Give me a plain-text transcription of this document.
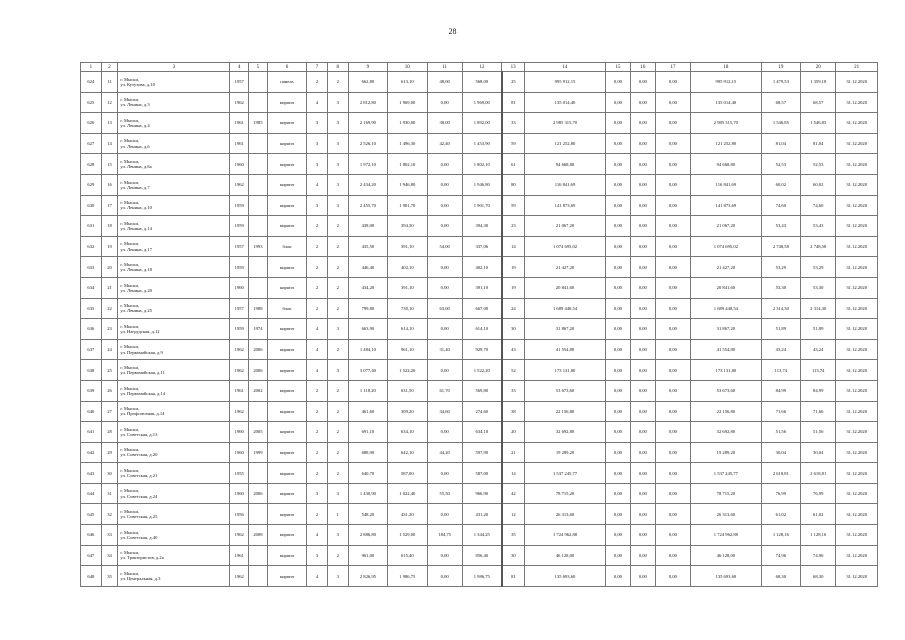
28
1	2	3	4	5	6	7	8	9	10	11	12	13	14	15	16	17	18	19	20	21
624	11	г. Мыски,
ул. Кутузова, д.10	1957		панель	2	2	662,80	613,10	48,00	568,00	25	995 912,15	0,00	0,00	0,00	995 912,15	1 479,53	1 359,18	31.12.2020
625	12	г. Мыски,
ул. Ленина, д.3	1962		кирпич	4	3	2 812,80	1 969,00	0,00	1 969,00	81	135 014,40	0,00	0,00	0,00	135 014,40	68,57	68,57	31.12.2020
626	13	г. Мыски,
ул. Ленина, д.4	1961	1985	кирпич	3	3	2 169,90	1 930,00	38,00	1 892,00	33	2 985 315,70	0,00	0,00	0,00	2 985 315,70	1 546,85	1 546,85	31.12.2020
627	14	г. Мыски,
ул. Ленина, д.6	1961		кирпич	3	3	2 526,10	1 496,30	42,40	1 453,90	59	121 252,80	0,00	0,00	0,00	121 252,80	81,04	81,04	31.12.2020
628	15	г. Мыски,
ул. Ленина, д.6а	1960		кирпич	3	3	1 972,10	1 802,10	0,00	1 802,10	61	94 668,80	0,00	0,00	0,00	94 668,80	52,53	52,53	31.12.2020
629	16	г. Мыски,
ул. Ленина, д.7	1962		кирпич	4	3	2 434,20	1 946,80	0,00	1 946,80	80	116 841,69	0,00	0,00	0,00	116 841,69	60,02	60,02	31.12.2020
630	17	г. Мыски,
ул. Ленина, д.10	1959		кирпич	3	3	2 455,70	1 901,70	0,00	1 901,70	59	141 873,69	0,00	0,00	0,00	141 873,69	74,60	74,60	31.12.2020
631	18	г. Мыски,
ул. Ленина, д.14	1959		кирпич	2	2	438,00	394,30	0,00	394,30	23	21 067,20	0,00	0,00	0,00	21 067,20	53,43	53,43	31.12.2020
632	19	г. Мыски,
ул. Ленина, д.17	1957	1993	блок	2	2	435,50	391,10	54,00	337,06	14	1 074 695,02	0,00	0,00	0,00	1 074 695,02	2 748,58	2 748,58	31.12.2020
633	20	г. Мыски,
ул. Ленина, д.18	1959		кирпич	2	2	446,40	402,10	0,00	402,10	19	21 427,20	0,00	0,00	0,00	21 427,20	53,29	53,29	31.12.2020
634	21	г. Мыски,
ул. Ленина, д.20	1960		кирпич	2	2	434,20	391,10	0,00	391,10	19	20 841,60	0,00	0,00	0,00	20 841,60	53,30	53,30	31.12.2020
635	22	г. Мыски,
ул. Ленина, д.25	1957	1988	блок	2	2	799,80	730,10	63,00	667,00	24	1 689 440,54	0,00	0,00	0,00	1 689 440,54	2 314,30	2 314,30	31.12.2020
636	23	г. Мыски,
ул. Нагрудская, д.12	1959	1974	кирпич	4	3	663,90	614,10	0,00	614,10	30	31 867,20	0,00	0,00	0,00	31 867,20	51,89	51,89	31.12.2020
637	24	г. Мыски,
ул. Первомайская, д.9	1962	2006	кирпич	4	2	1 484,10	961,10	31,40	929,70	43	41 554,80	0,00	0,00	0,00	41 554,80	43,24	43,24	31.12.2020
638	25	г. Мыски,
ул. Первомайская, д.11	1962	2006	кирпич	4	3	3 077,40	1 522,20	0,00	1 522,20	52	173 131,80	0,00	0,00	0,00	173 131,80	113,74	113,74	31.12.2020
639	26	г. Мыски,
ул. Первомайская, д.14	1961	2002	кирпич	2	2	1 118,20	631,50	61,70	569,80	33	53 673,60	0,00	0,00	0,00	53 673,60	84,99	84,99	31.12.2020
640	27	г. Мыски,
ул. Профсоюзная, д.14	1962		кирпич	2	2	461,60	309,20	34,60	274,60	38	22 156,80	0,00	0,00	0,00	22 156,80	71,66	71,66	31.12.2020
641	28	г. Мыски,
ул. Советская, д.13	1960	2005	кирпич	2	2	691,10	634,10	0,00	634,10	20	32 692,80	0,00	0,00	0,00	32 692,80	51,56	51,56	31.12.2020
642	29	г. Мыски,
ул. Советская, д.20	1960	1999	кирпич	2	2	688,90	642,10	44,20	597,90	21	19 289,20	0,00	0,00	0,00	19 289,20	30,04	30,04	31.12.2020
643	30	г. Мыски,
ул. Советская, д.21	1955		кирпич	2	2	640,70	587,00	0,00	587,00	14	1 537 245,77	0,00	0,00	0,00	1 537 245,77	2 618,81	2 618,81	31.12.2020
644	31	г. Мыски,
ул. Советская, д.24	1960	2006	кирпич	3	3	1 430,90	1 022,40	55,50	966,90	42	78 715,20	0,00	0,00	0,00	78 715,20	76,99	76,99	31.12.2020
645	32	г. Мыски,
ул. Советская, д.25	1956		кирпич	2	1	548,20	431,20	0,00	431,20	12	26 313,60	0,00	0,00	0,00	26 313,60	61,02	61,02	31.12.2020
646	33	г. Мыски,
ул. Советская, д.40	1962	2008	кирпич	4	3	2 886,80	1 529,00	184,75	1 344,25	35	1 724 962,88	0,00	0,00	0,00	1 724 962,88	1 128,16	1 128,16	31.12.2020
647	34	г. Мыски,
ул. Трактористов, д.2а	1961		кирпич	3	2	961,00	615,40	0,00	856,40	30	46 128,00	0,00	0,00	0,00	46 128,00	74,96	74,96	31.12.2020
648	35	г. Мыски,
ул. Центральная, д.3	1962		кирпич	4	3	2 826,95	1 986,75	0,00	1 986,75	81	135 693,60	0,00	0,00	0,00	135 693,60	68,30	68,30	31.12.2020
